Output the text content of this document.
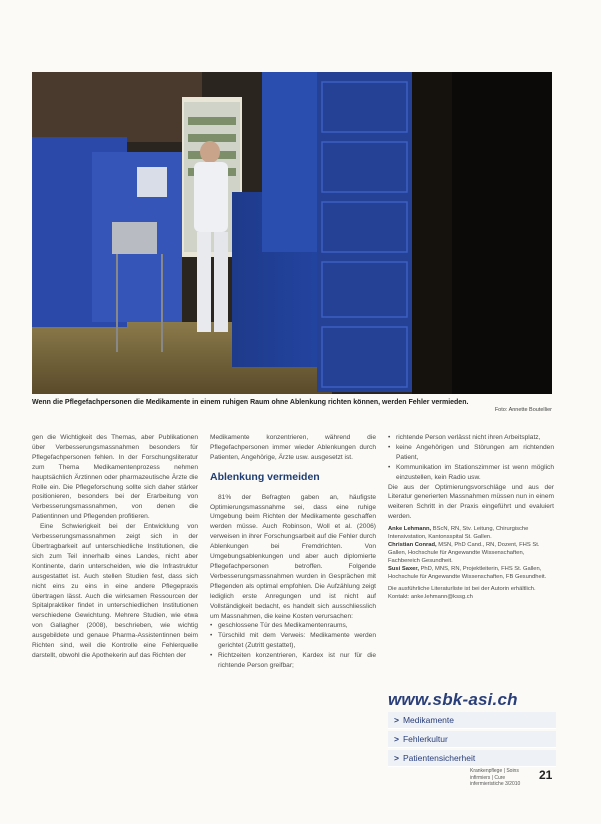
Wenn die Pflegefachpersonen die Medikamente in einem ruhigen Raum ohne Ablenkung richten können, werden Fehler vermieden.
Foto: Annette Boutellier

gen die Wichtigkeit des Themas, aber Publikationen über Verbesserungsmassnahmen besonders für Pflegefachpersonen fehlen. In der Forschungsliteratur zum Thema Medikamentenprozess nehmen hauptsächlich Ärztinnen oder pharmazeutische Ärzte die Rolle ein. Die Pflegeforschung sollte sich daher stärker positionieren, besonders bei der Erarbeitung von Verbesserungsmassnahmen, von denen die Patientinnen und Pflegenden profitieren.

Eine Schwierigkeit bei der Entwicklung von Verbesserungsmassnahmen zeigt sich in der Übertragbarkeit auf unterschiedliche Institutionen, die sich zum Teil innerhalb eines Landes, nicht aber Kontinente, darin unterscheiden, wie die Infrastruktur ausgestattet ist. Auch stellen Studien fest, dass sich nicht eins zu eins in eine andere Pflegepraxis übertragen lässt. Auch die wirksamen Ressourcen der Spitalpraktiker findet in unterschiedlichen Institutionen verschiedene Gewichtung. Mehrere Studien, wie etwa von Gallagher (2008), beschrieben, wie wichtig ausgebildete und genaue Pharma-Assistentinnen beim Richten sind, weil die Kontrolle eine Fehlerquelle darstellt, obwohl die Apothekerin auf das Richten der

Medikamente konzentrieren, während die Pflegefachpersonen immer wieder Ablenkungen durch Patienten, Angehörige, Ärzte usw. ausgesetzt ist.

Ablenkung vermeiden

81% der Befragten gaben an, häufigste Optimierungsmassnahme sei, dass eine ruhige Umgebung beim Richten der Medikamente geschaffen werden müsse. Auch Robinson, Woll et al. (2006) verweisen in ihrer Forschungsarbeit auf die Fehler durch Ablenkungen bei Fremdrichten. Von Umgebungsablenkungen und aber auch diplomierte Pflegefachpersonen betroffen. Folgende Verbesserungsmassnahmen wurden in Gesprächen mit Pflegenden als optimal empfohlen. Die Aufzählung zeigt lediglich erste Anregungen und ist nicht auf Vollständigkeit bedacht, es handelt sich ausschliesslich um Massnahmen, die keine Kosten verursachen:

• geschlossene Tür des Medikamentenraums,
• Türschild mit dem Verweis: Medikamente werden gerichtet (Zutritt gestattet),
• Richtzeiten konzentrieren, Kardex ist nur für die richtende Person greifbar;
• richtende Person verlässt nicht ihren Arbeitsplatz,
• keine Angehörigen und Störungen am richtenden Patient,
• Kommunikation im Stationszimmer ist wenn möglich einzustellen, kein Radio usw.

Die aus der Optimierungsvorschläge und aus der Literatur generierten Massnahmen müssen nun in einem weiteren Schritt in der Praxis eingeführt und evaluiert werden.

Anke Lehmann, BScN, RN, Stv. Leitung, Chirurgische Intensivstation, Kantonsspital St. Gallen.
Christian Conrad, MSN, PhD Cand., RN, Dozent, FHS St. Gallen, Hochschule für Angewandte Wissenschaften, Fachbereich Gesundheit.
Susi Saxer, PhD, MNS, RN, Projektleiterin, FHS St. Gallen, Hochschule für Angewandte Wissenschaften, FB Gesundheit.
Die ausführliche Literaturliste ist bei der Autorin erhältlich. Kontakt: anke.lehmann@kssg.ch
www.sbk-asi.ch
> Medikamente
> Fehlerkultur
> Patientensicherheit
Krankenpflege | Soins infirmiers | Cure infermieristiche 3/2010
21
